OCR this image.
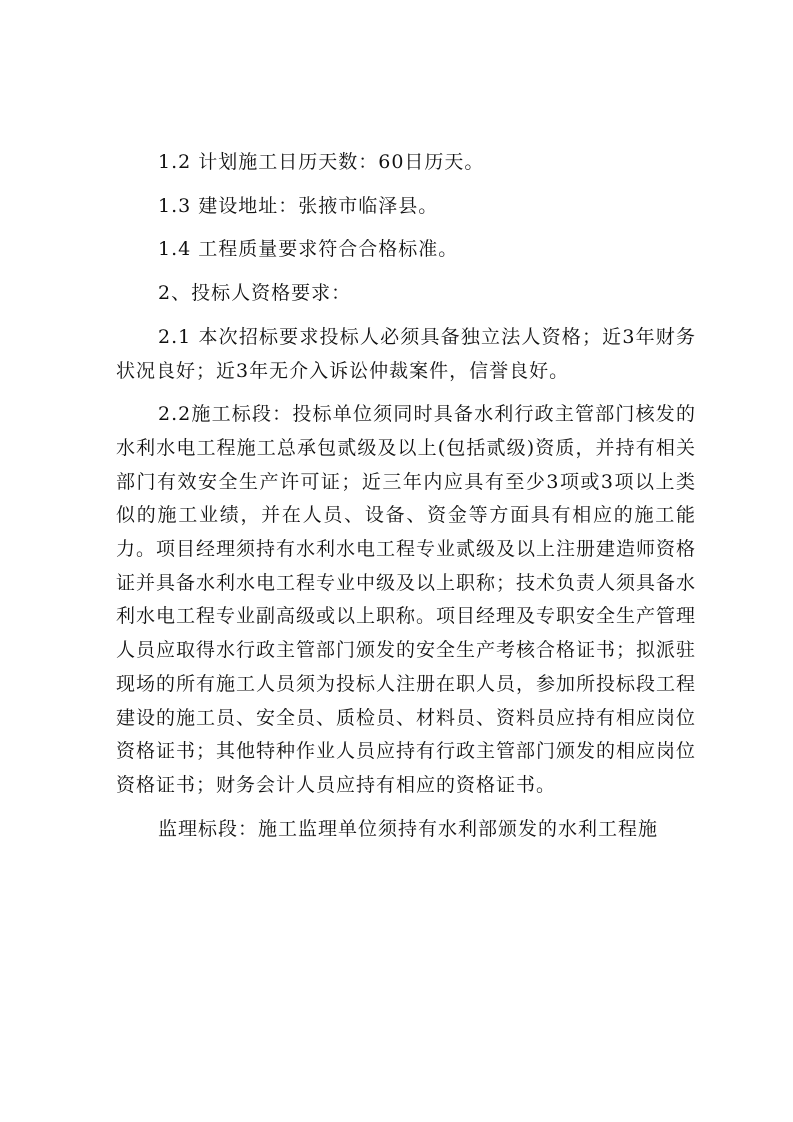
1.2 计划施工日历天数：60日历天。

1.3 建设地址：张掖市临泽县。

1.4 工程质量要求符合合格标准。

2、投标人资格要求：

2.1 本次招标要求投标人必须具备独立法人资格；近3年财务状况良好；近3年无介入诉讼仲裁案件，信誉良好。

2.2施工标段：投标单位须同时具备水利行政主管部门核发的水利水电工程施工总承包贰级及以上(包括贰级)资质，并持有相关部门有效安全生产许可证；近三年内应具有至少3项或3项以上类似的施工业绩，并在人员、设备、资金等方面具有相应的施工能力。项目经理须持有水利水电工程专业贰级及以上注册建造师资格证并具备水利水电工程专业中级及以上职称；技术负责人须具备水利水电工程专业副高级或以上职称。项目经理及专职安全生产管理人员应取得水行政主管部门颁发的安全生产考核合格证书；拟派驻现场的所有施工人员须为投标人注册在职人员，参加所投标段工程建设的施工员、安全员、质检员、材料员、资料员应持有相应岗位资格证书；其他特种作业人员应持有行政主管部门颁发的相应岗位资格证书；财务会计人员应持有相应的资格证书。

监理标段：施工监理单位须持有水利部颁发的水利工程施
